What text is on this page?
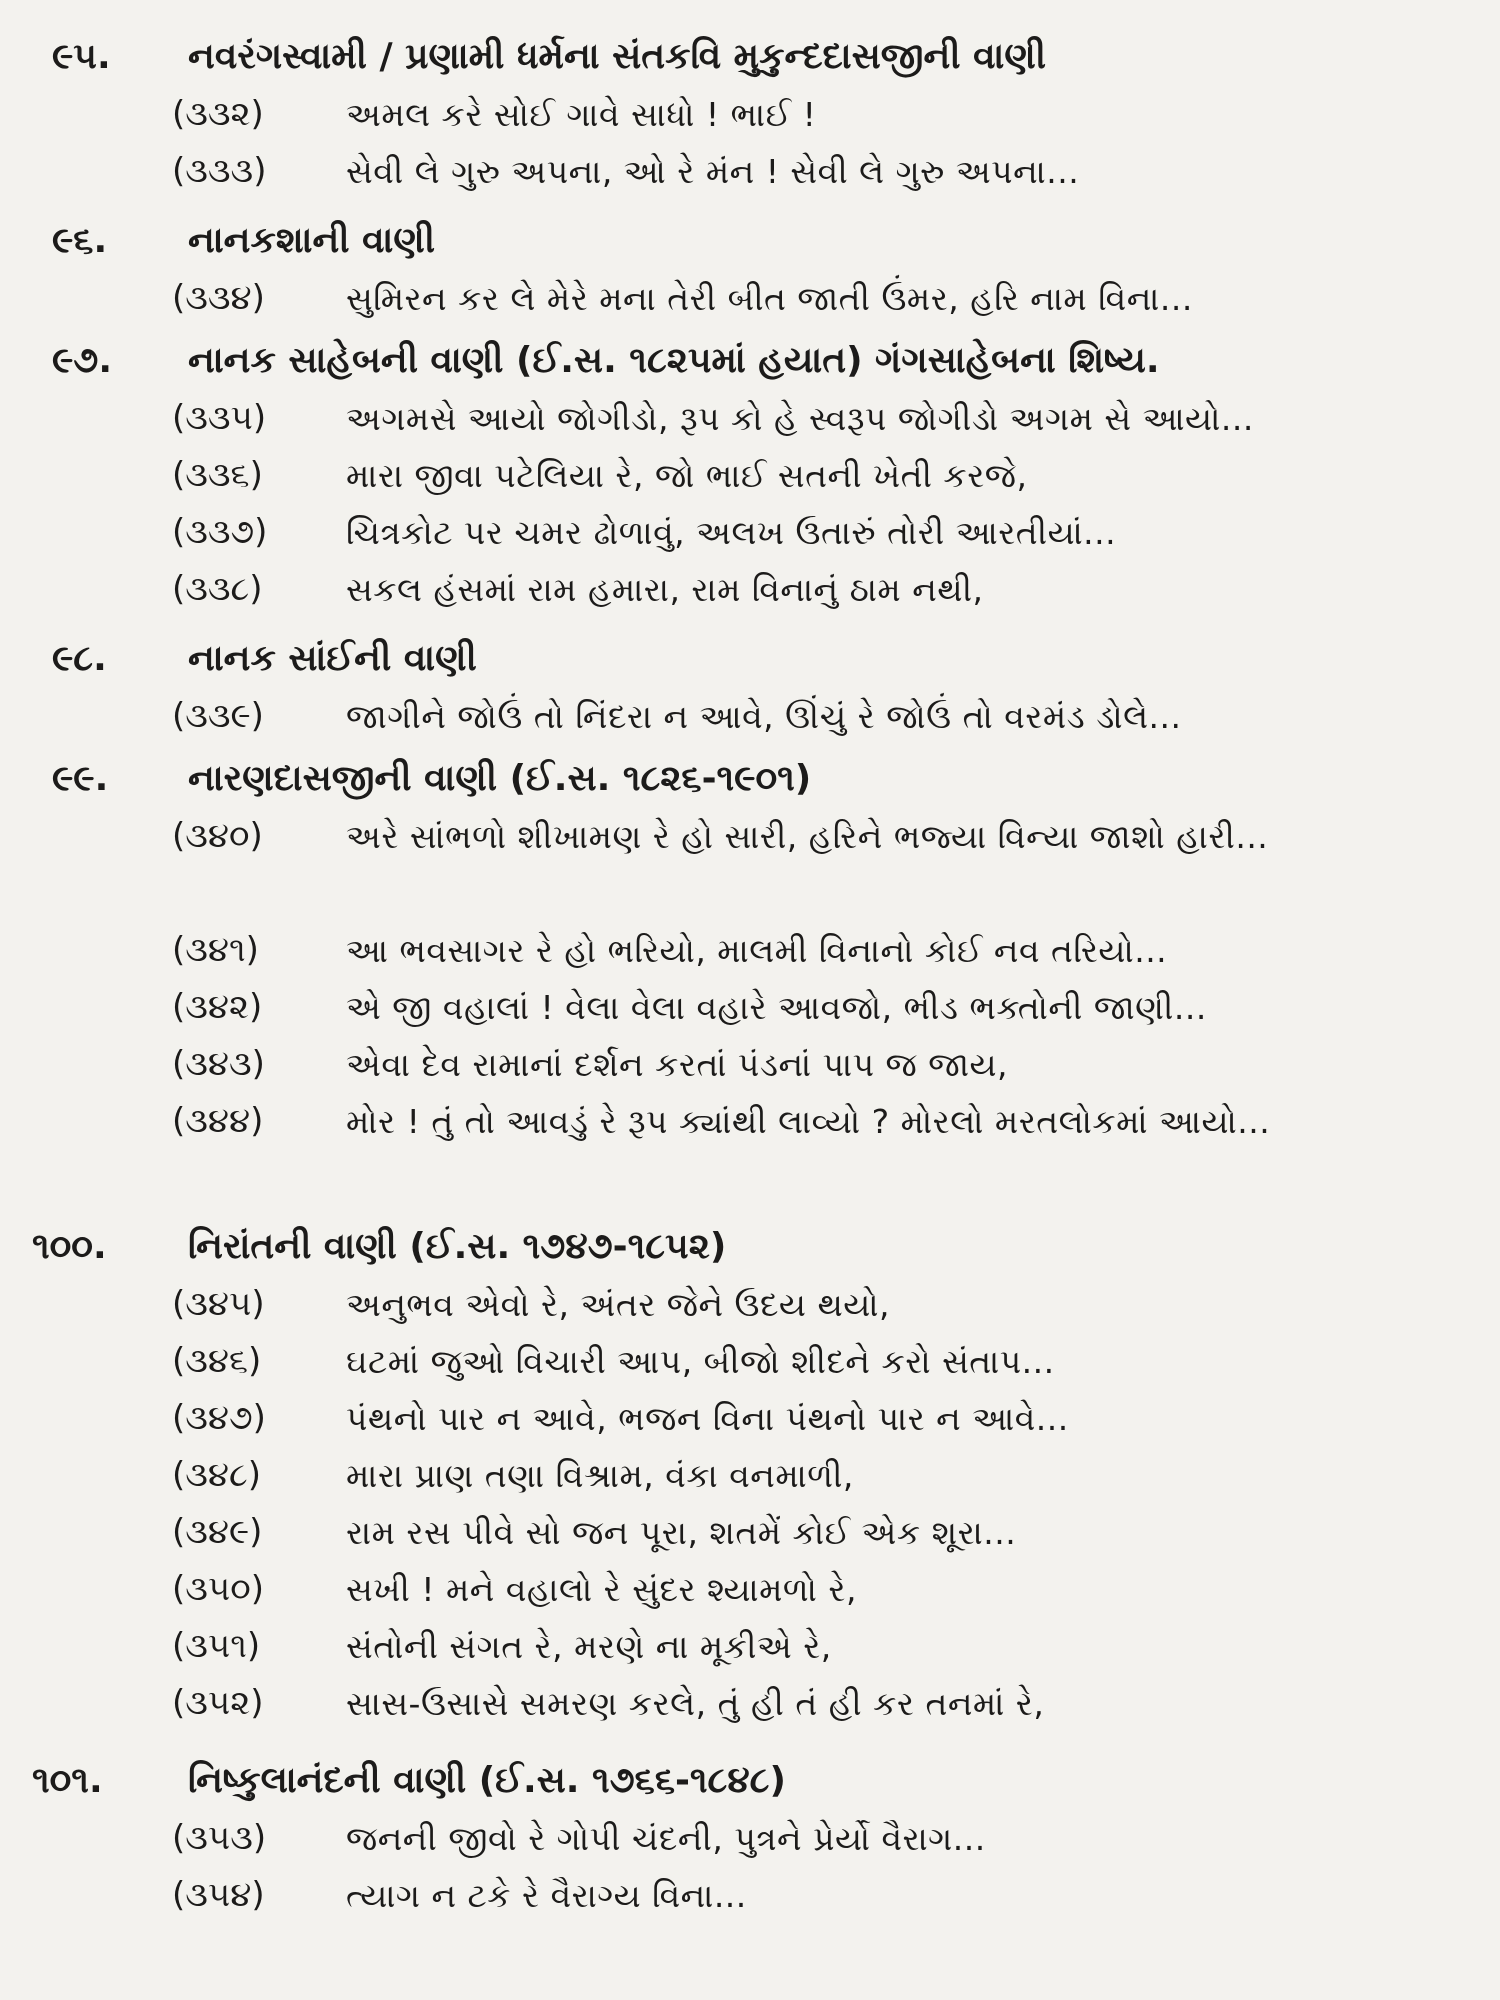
૯૫. નવરંગસ્વામી / પ્રણામી ધર્મના સંતકવિ મુકુન્દદાસજીની વાણી
(૩૩૨) અમલ કરે સોઈ ગાવે સાધો ! ભાઈ !
(૩૩૩) સેવી લે ગુરુ અપના, ઓ રે મંન ! સેવી લે ગુરુ અપના...
૯૬. નાનકશાની વાણી
(૩૩૪) સુમિરન કર લે મેરે મના તેરી બીત જાતી ઉંમર, હરિ નામ વિના...
૯૭. નાનક સાહેબની વાણી (ઈ.સ. ૧૮૨૫માં હયાત) ગંગસાહેબના શિષ્ય.
(૩૩૫) અગમસે આયો જોગીડો, રૂપ કો હે સ્વરૂપ જોગીડો અગમ સે આયો...
(૩૩૬)	મારા જીવા પટેલિયા રે, જો ભાઈ સતની ખેતી કરજે,
(૩૩૭) ચિત્રકોટ પર ચમર ઢોળાવું, અલખ ઉતારું તોરી આરતીયાં...
(૩૩૮)	સકલ હંસમાં રામ હમારા, રામ વિનાનું ઠામ નથી,
૯૮. નાનક સાંઈની વાણી
(૩૩૯) જાગીને જોઉં તો નિંદરા ન આવે, ઊંચું રે જોઉં તો વરમંડ ડોલે...
૯૯. નારણદાસજીની વાણી (ઈ.સ. ૧૮૨૬-૧૯૦૧)
(૩૪૦)	અરે સાંભળો શીખામણ રે હો સારી, હરિને ભજ્યા વિન્યા જાશો હારી...
(૩૪૧)	આ ભવસાગર રે હો ભરિયો, માલમી વિનાનો કોઈ નવ તરિયો...
(૩૪૨)	એ જી વહાલાં ! વેલા વેલા વહારે આવજો, ભીડ ભક્તોની જાણી...
(૩૪૩) એવા દેવ રામાનાં દર્શન કરતાં પંડનાં પાપ જ જાય,
(૩૪૪)	મોર ! તું તો આવડું રે રૂપ ક્યાંથી લાવ્યો ? મોરલો મરતલોકમાં આયો...
૧૦૦. નિરાંતની વાણી (ઈ.સ. ૧૭૪૭-૧૮૫૨)
(૩૪૫) અનુભવ એવો રે, અંતર જેને ઉદય થયો,
(૩૪૬)	ઘટમાં જુઓ વિચારી આપ, બીજો શીદને કરો સંતાપ...
(૩૪૭) પંથનો પાર ન આવે, ભજન વિના પંથનો પાર ન આવે...
(૩૪૮)	મારા પ્રાણ તણા વિશ્રામ, વંકા વનમાળી,
(૩૪૯)	રામ રસ પીવે સો જન પૂરા, શતમેં કોઈ એક શૂરા...
(૩૫૦) સખી ! મને વહાલો રે સુંદર શ્યામળો રે,
(૩૫૧)	સંતોની સંગત રે, મરણે ના મૂકીએ રે,
(૩૫૨)	સાસ-ઉસાસે સમરણ કરલે, તું હી તં હી કર તનમાં રે,
૧૦૧. નિષ્કુલાનંદની વાણી (ઈ.સ. ૧૭૬૬-૧૮૪૮)
(૩૫૩) જનની જીવો રે ગોપી ચંદની, પુત્રને પ્રેર્યો વૈરાગ...
(૩૫૪) ત્યાગ ન ટકે રે વૈરાગ્ય વિના...
